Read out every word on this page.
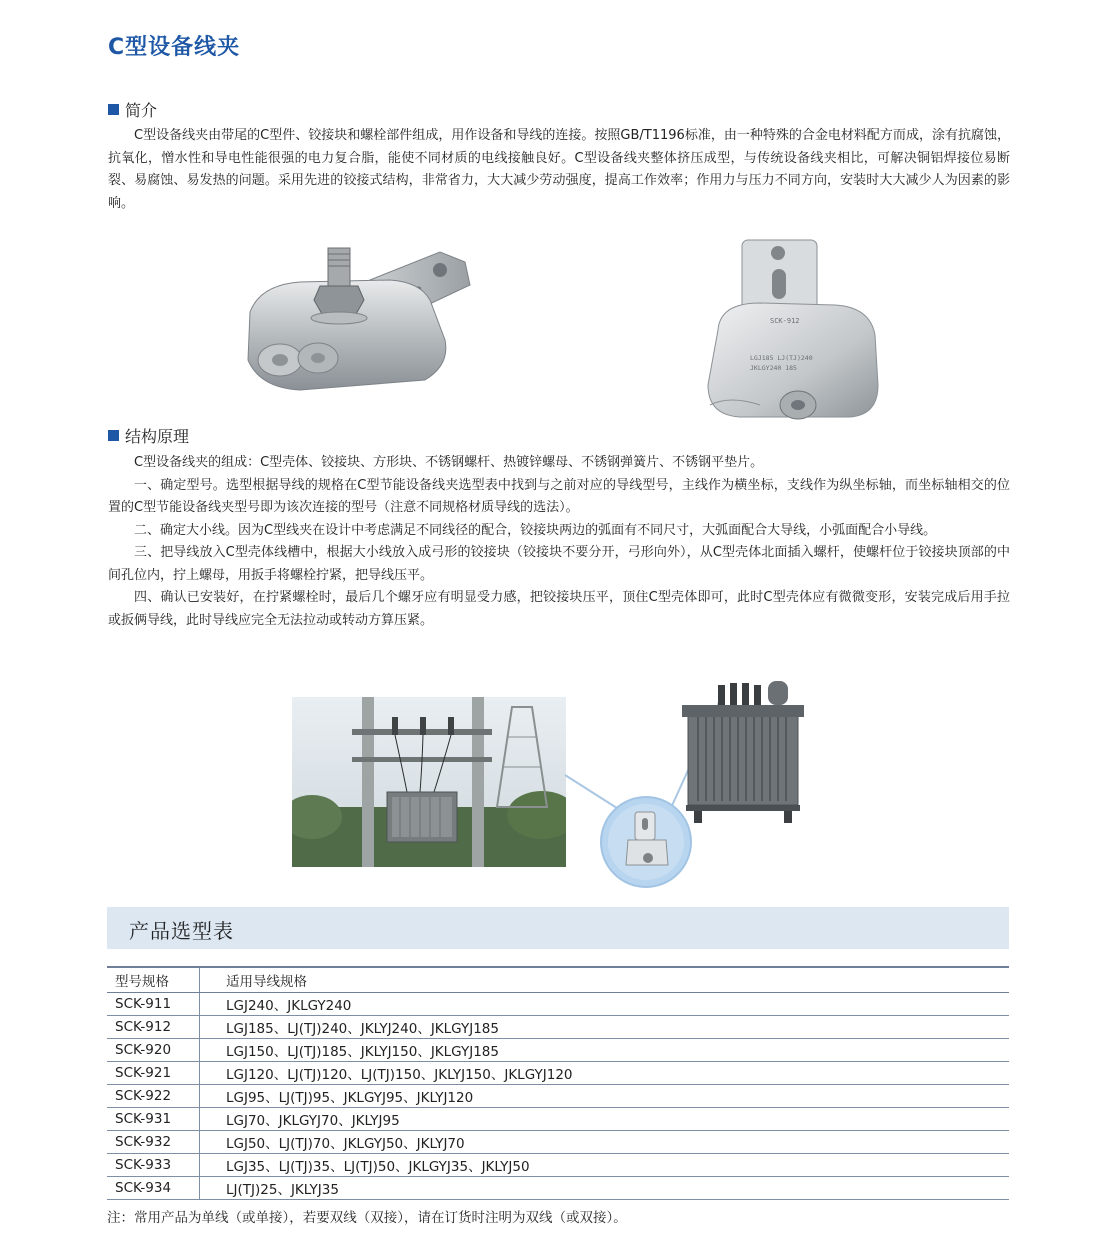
C型设备线夹
简介

C型设备线夹由带尾的C型件、铰接块和螺栓部件组成，用作设备和导线的连接。按照GB/T1196标准，由一种特殊的合金电材料配方而成，涂有抗腐蚀，抗氧化，憎水性和导电性能很强的电力复合脂，能使不同材质的电线接触良好。C型设备线夹整体挤压成型，与传统设备线夹相比，可解决铜铝焊接位易断裂、易腐蚀、易发热的问题。采用先进的铰接式结构，非常省力，大大减少劳动强度，提高工作效率；作用力与压力不同方向，安装时大大减少人为因素的影响。

SCK-912
LGJ185 LJ(TJ)240
JKLGY240 185
结构原理

C型设备线夹的组成：C型壳体、铰接块、方形块、不锈钢螺杆、热镀锌螺母、不锈钢弹簧片、不锈钢平垫片。

一、确定型号。选型根据导线的规格在C型节能设备线夹选型表中找到与之前对应的导线型号，主线作为横坐标，支线作为纵坐标轴，而坐标轴相交的位置的C型节能设备线夹型号即为该次连接的型号（注意不同规格材质导线的选法）。

二、确定大小线。因为C型线夹在设计中考虑满足不同线径的配合，铰接块两边的弧面有不同尺寸，大弧面配合大导线，小弧面配合小导线。

三、把导线放入C型壳体线槽中，根据大小线放入成弓形的铰接块（铰接块不要分开，弓形向外），从C型壳体北面插入螺杆，使螺杆位于铰接块顶部的中间孔位内，拧上螺母，用扳手将螺栓拧紧，把导线压平。

四、确认已安装好，在拧紧螺栓时，最后几个螺牙应有明显受力感，把铰接块压平，顶住C型壳体即可，此时C型壳体应有微微变形，安装完成后用手拉或扳俩导线，此时导线应完全无法拉动或转动方算压紧。

产品选型表
型号规格	适用导线规格
SCK-911	LGJ240、JKLGY240
SCK-912	LGJ185、LJ(TJ)240、JKLYJ240、JKLGYJ185
SCK-920	LGJ150、LJ(TJ)185、JKLYJ150、JKLGYJ185
SCK-921	LGJ120、LJ(TJ)120、LJ(TJ)150、JKLYJ150、JKLGYJ120
SCK-922	LGJ95、LJ(TJ)95、JKLGYJ95、JKLYJ120
SCK-931	LGJ70、JKLGYJ70、JKLYJ95
SCK-932	LGJ50、LJ(TJ)70、JKLGYJ50、JKLYJ70
SCK-933	LGJ35、LJ(TJ)35、LJ(TJ)50、JKLGYJ35、JKLYJ50
SCK-934	LJ(TJ)25、JKLYJ35
注：常用产品为单线（或单接），若要双线（双接），请在订货时注明为双线（或双接）。
